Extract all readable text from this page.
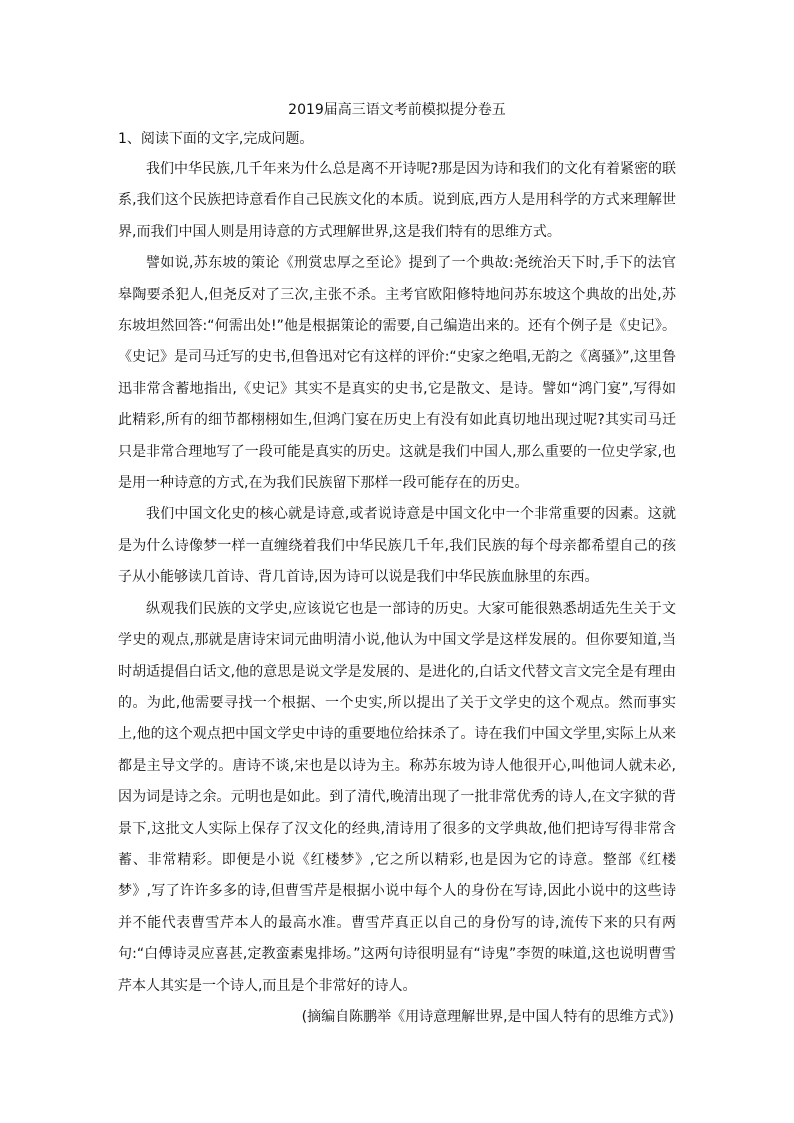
2019届高三语文考前模拟提分卷五

1、阅读下面的文字,完成问题。

我们中华民族,几千年来为什么总是离不开诗呢?那是因为诗和我们的文化有着紧密的联系,我们这个民族把诗意看作自己民族文化的本质。说到底,西方人是用科学的方式来理解世界,而我们中国人则是用诗意的方式理解世界,这是我们特有的思维方式。

譬如说,苏东坡的策论《刑赏忠厚之至论》提到了一个典故:尧统治天下时,手下的法官皋陶要杀犯人,但尧反对了三次,主张不杀。主考官欧阳修特地问苏东坡这个典故的出处,苏东坡坦然回答:“何需出处!”他是根据策论的需要,自己编造出来的。还有个例子是《史记》。《史记》是司马迁写的史书,但鲁迅对它有这样的评价:“史家之绝唱,无韵之《离骚》”,这里鲁迅非常含蓄地指出,《史记》其实不是真实的史书,它是散文、是诗。譬如“鸿门宴”,写得如此精彩,所有的细节都栩栩如生,但鸿门宴在历史上有没有如此真切地出现过呢?其实司马迁只是非常合理地写了一段可能是真实的历史。这就是我们中国人,那么重要的一位史学家,也是用一种诗意的方式,在为我们民族留下那样一段可能存在的历史。

我们中国文化史的核心就是诗意,或者说诗意是中国文化中一个非常重要的因素。这就是为什么诗像梦一样一直缠绕着我们中华民族几千年,我们民族的每个母亲都希望自己的孩子从小能够读几首诗、背几首诗,因为诗可以说是我们中华民族血脉里的东西。

纵观我们民族的文学史,应该说它也是一部诗的历史。大家可能很熟悉胡适先生关于文学史的观点,那就是唐诗宋词元曲明清小说,他认为中国文学是这样发展的。但你要知道,当时胡适提倡白话文,他的意思是说文学是发展的、是进化的,白话文代替文言文完全是有理由的。为此,他需要寻找一个根据、一个史实,所以提出了关于文学史的这个观点。然而事实上,他的这个观点把中国文学史中诗的重要地位给抹杀了。诗在我们中国文学里,实际上从来都是主导文学的。唐诗不谈,宋也是以诗为主。称苏东坡为诗人他很开心,叫他词人就未必,因为词是诗之余。元明也是如此。到了清代,晚清出现了一批非常优秀的诗人,在文字狱的背景下,这批文人实际上保存了汉文化的经典,清诗用了很多的文学典故,他们把诗写得非常含蓄、非常精彩。即便是小说《红楼梦》,它之所以精彩,也是因为它的诗意。整部《红楼梦》,写了许许多多的诗,但曹雪芹是根据小说中每个人的身份在写诗,因此小说中的这些诗并不能代表曹雪芹本人的最高水准。曹雪芹真正以自己的身份写的诗,流传下来的只有两句:“白傅诗灵应喜甚,定教蛮素鬼排场。”这两句诗很明显有“诗鬼”李贺的味道,这也说明曹雪芹本人其实是一个诗人,而且是个非常好的诗人。

(摘编自陈鹏举《用诗意理解世界,是中国人特有的思维方式》)
